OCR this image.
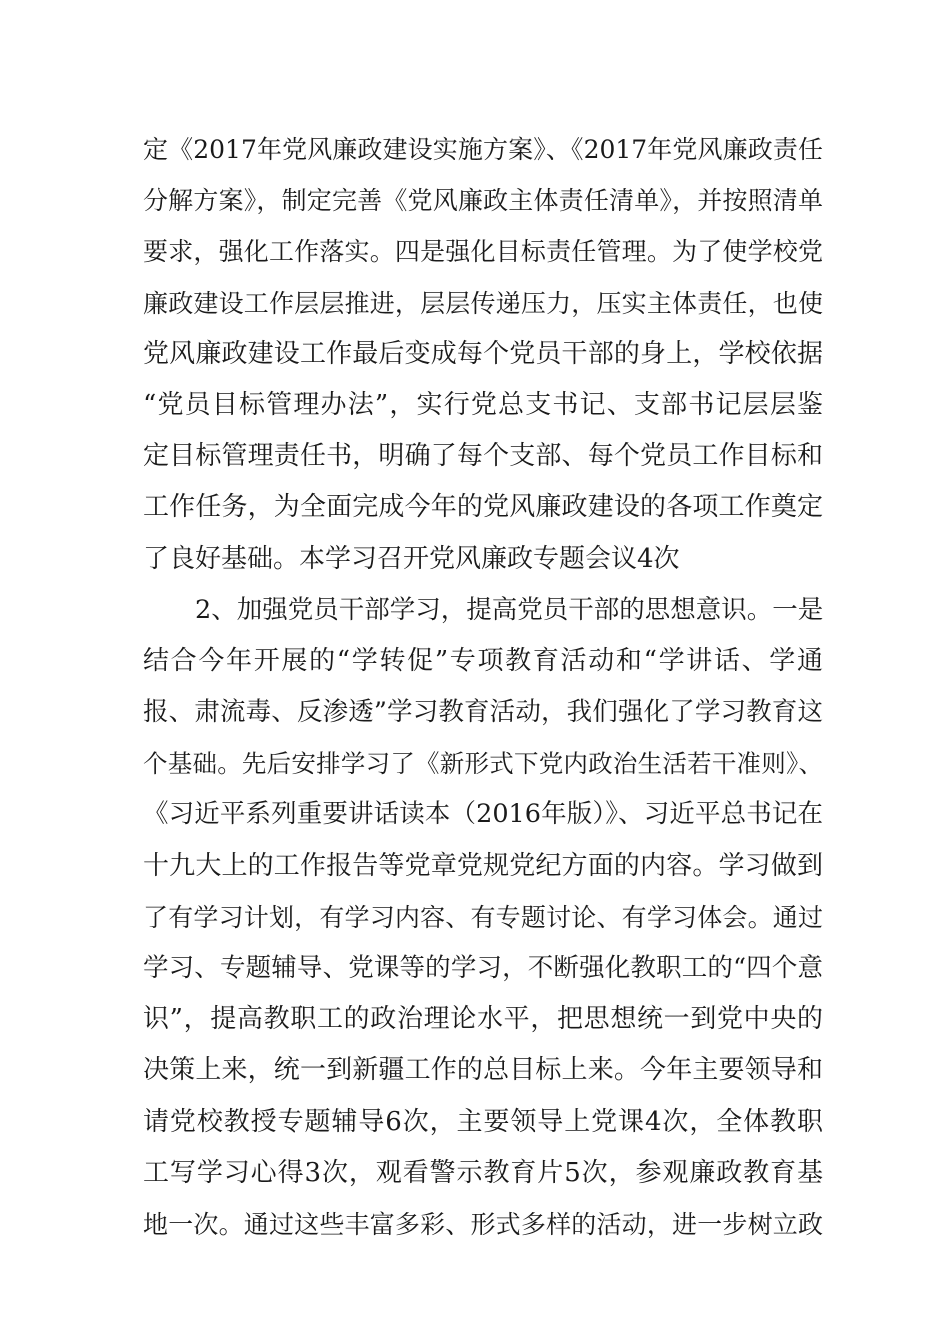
定《2017年党风廉政建设实施方案》、《2017年党风廉政责任
分解方案》，制定完善《党风廉政主体责任清单》，并按照清单
要求，强化工作落实。四是强化目标责任管理。为了使学校党
廉政建设工作层层推进，层层传递压力，压实主体责任，也使
党风廉政建设工作最后变成每个党员干部的身上，学校依据
“党员目标管理办法”，实行党总支书记、支部书记层层鉴
定目标管理责任书，明确了每个支部、每个党员工作目标和
工作任务，为全面完成今年的党风廉政建设的各项工作奠定
了良好基础。本学习召开党风廉政专题会议4次
2、加强党员干部学习，提高党员干部的思想意识。一是
结合今年开展的“学转促”专项教育活动和“学讲话、学通
报、肃流毒、反渗透”学习教育活动，我们强化了学习教育这
个基础。先后安排学习了《新形式下党内政治生活若干准则》、
《习近平系列重要讲话读本（2016年版）》、习近平总书记在
十九大上的工作报告等党章党规党纪方面的内容。学习做到
了有学习计划，有学习内容、有专题讨论、有学习体会。通过
学习、专题辅导、党课等的学习，不断强化教职工的“四个意
识”，提高教职工的政治理论水平，把思想统一到党中央的
决策上来，统一到新疆工作的总目标上来。今年主要领导和
请党校教授专题辅导6次，主要领导上党课4次，全体教职
工写学习心得3次，观看警示教育片5次，参观廉政教育基
地一次。通过这些丰富多彩、形式多样的活动，进一步树立政
